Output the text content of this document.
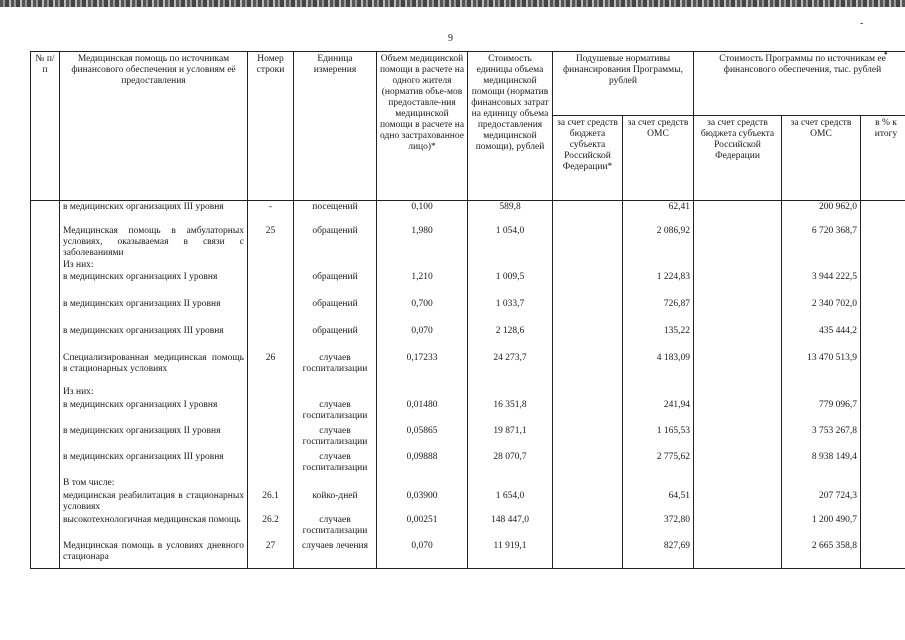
9
-
•
№ п/п	Медицинская помощь по источникам финансового обеспечения и условиям её предоставления	Номер строки	Единица измерения	Объем медицинской помощи в расчете на одного жителя (норматив объе-мов предоставле-ния медицинской помощи в расчете на одно застрахованное лицо)*	Стоимость единицы объема медицинской помощи (норматив финансовых затрат на единицу объема предоставления медицинской помощи), рублей	Подушевые нормативы финансирования Программы, рублей		Стоимость Программы по источникам ее финансового обеспечения, тыс. рублей		
						за счет средств бюджета субъекта Российской Федерации*	за счет средств ОМС	за счет средств бюджета субъекта Российской Федерации	за счет средств ОМС	в % к итогу
	в медицинских организациях III уровня	-	посещений	0,100	589,8		62,41		200 962,0	
	Медицинская помощь в амбулаторных условиях, оказываемая в связи с заболеваниями	25	обращений	1,980	1 054,0		2 086,92		6 720 368,7	
	Из них:									
	в медицинских организациях I уровня		обращений	1,210	1 009,5		1 224,83		3 944 222,5	
	в медицинских организациях II уровня		обращений	0,700	1 033,7		726,87		2 340 702,0	
	в медицинских организациях III уровня		обращений	0,070	2 128,6		135,22		435 444,2	
	Специализированная медицинская помощь в стационарных условиях	26	случаев госпитализации	0,17233	24 273,7		4 183,09		13 470 513,9	
	Из них:									
	в медицинских организациях I уровня		случаев госпитализации	0,01480	16 351,8		241,94		779 096,7	
	в медицинских организациях II уровня		случаев госпитализации	0,05865	19 871,1		1 165,53		3 753 267,8	
	в медицинских организациях III уровня		случаев госпитализации	0,09888	28 070,7		2 775,62		8 938 149,4	
	В том числе:									
	медицинская реабилитация в стационарных условиях	26.1	койко-дней	0,03900	1 654,0		64,51		207 724,3	
	высокотехнологичная медицинская помощь	26.2	случаев госпитализации	0,00251	148 447,0		372,80		1 200 490,7	
	Медицинская помощь в условиях дневного стационара	27	случаев лечения	0,070	11 919,1		827,69		2 665 358,8	
